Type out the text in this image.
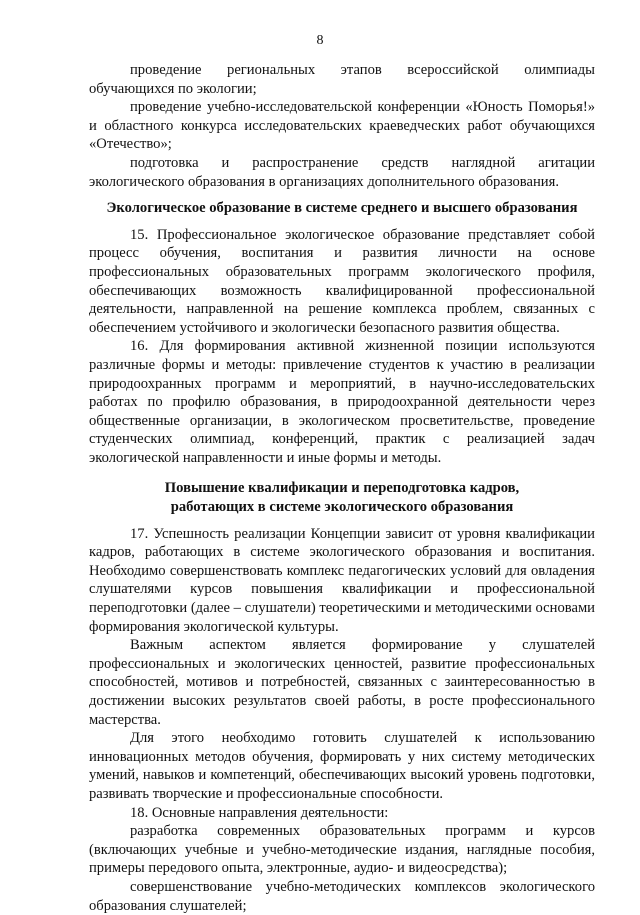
8

проведение региональных этапов всероссийской олимпиады обучающихся по экологии;

проведение учебно-исследовательской конференции «Юность Поморья!» и областного конкурса исследовательских краеведческих работ обучающихся «Отечество»;

подготовка и распространение средств наглядной агитации экологического образования в организациях дополнительного образования.

Экологическое образование в системе среднего и высшего образования

15. Профессиональное экологическое образование представляет собой процесс обучения, воспитания и развития личности на основе профессиональных образовательных программ экологического профиля, обеспечивающих возможность квалифицированной профессиональной деятельности, направленной на решение комплекса проблем, связанных с обеспечением устойчивого и экологически безопасного развития общества.

16. Для формирования активной жизненной позиции используются различные формы и методы: привлечение студентов к участию в реализации природоохранных программ и мероприятий, в научно-исследовательских работах по профилю образования, в природоохранной деятельности через общественные организации, в экологическом просветительстве, проведение студенческих олимпиад, конференций, практик с реализацией задач экологической направленности и иные формы и методы.

Повышение квалификации и переподготовка кадров,
работающих в системе экологического образования

17. Успешность реализации Концепции зависит от уровня квалификации кадров, работающих в системе экологического образования и воспитания. Необходимо совершенствовать комплекс педагогических условий для овладения слушателями курсов повышения квалификации и профессиональной переподготовки (далее – слушатели) теоретическими и методическими основами формирования экологической культуры.

Важным аспектом является формирование у слушателей профессиональных и экологических ценностей, развитие профессиональных способностей, мотивов и потребностей, связанных с заинтересованностью в достижении высоких результатов своей работы, в росте профессионального мастерства.

Для этого необходимо готовить слушателей к использованию инновационных методов обучения, формировать у них систему методических умений, навыков и компетенций, обеспечивающих высокий уровень подготовки, развивать творческие и профессиональные способности.

18. Основные направления деятельности:

разработка современных образовательных программ и курсов (включающих учебные и учебно-методические издания, наглядные пособия, примеры передового опыта, электронные, аудио- и видеосредства);

совершенствование учебно-методических комплексов экологического образования слушателей;
